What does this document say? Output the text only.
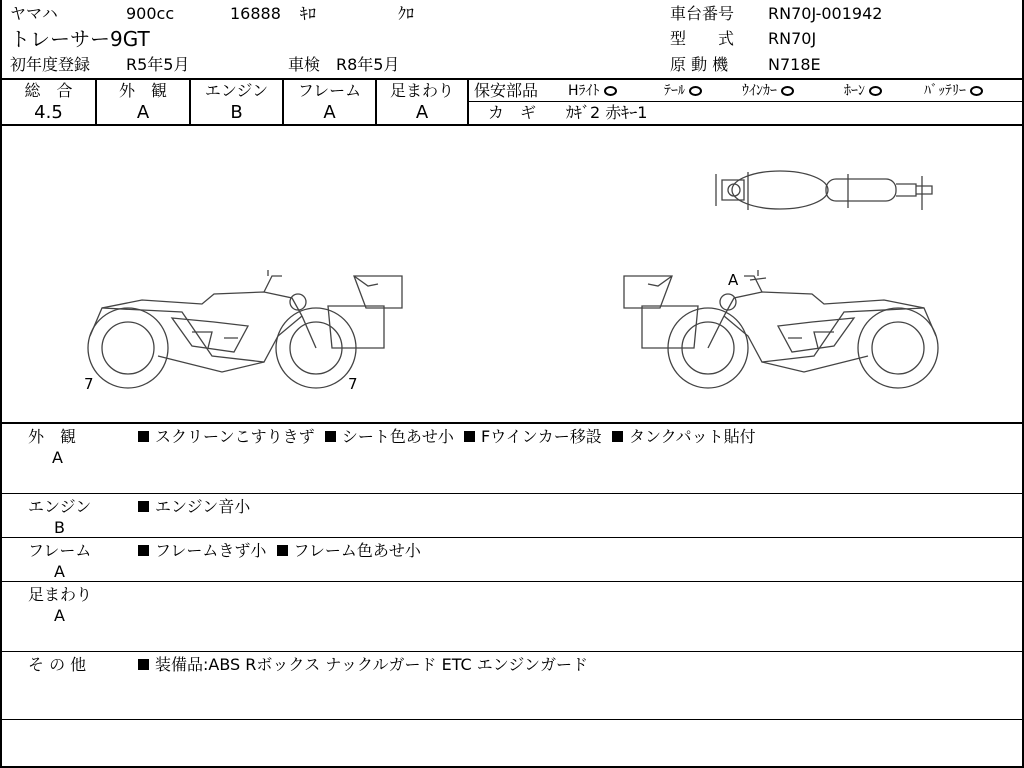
ヤマハ	900cc	16888 ｷﾛ	ｸﾛ
トレーサー9GT
初年度登録 R5年5月	車検 R8年5月
車台番号 RN70J-001942
型　　式 RN70J
原 動 機 N718E
総　合
4.5
外　観
A
エンジン
B
フレーム
A
足まわり
A
保安部品 Hﾗｲﾄ	ﾃｰﾙ	ｳｲﾝｶｰ	ﾎｰﾝ	ﾊﾞｯﾃﾘｰ
カ　ギ ｶｷﾞ2 赤ｷｰ1
7	7
A
外　観
A
スクリーンこすりきず シート色あせ小 Fウインカー移設 タンクパット貼付
エンジン
B
エンジン音小
フレーム
A
フレームきず小 フレーム色あせ小
足まわり
A
そ の 他	装備品:ABS Rボックス ナックルガード ETC エンジンガード
